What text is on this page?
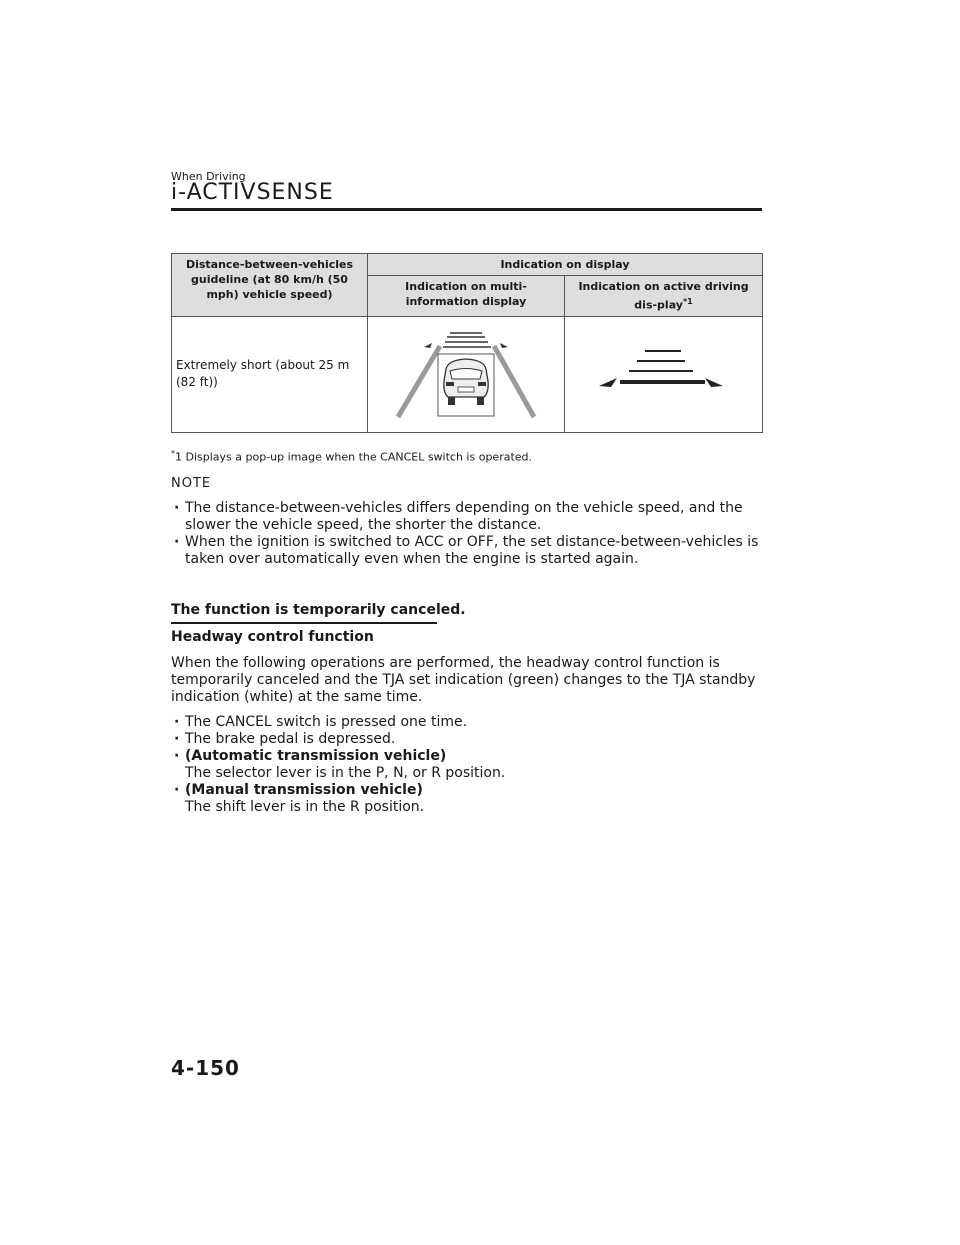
When Driving
i-ACTIVSENSE
Distance-between-vehicles guideline (at 80 km/h (50 mph) vehicle speed)	Indication on display	
	Indication on multi-information display	Indication on active driving dis-play$^{*1}$
Extremely short (about 25 m (82 ft))		
*1 Displays a pop-up image when the CANCEL switch is operated.
NOTE
· The distance-between-vehicles differs depending on the vehicle speed, and the slower the vehicle speed, the shorter the distance.
· When the ignition is switched to ACC or OFF, the set distance-between-vehicles is taken over automatically even when the engine is started again.
The function is temporarily canceled.
Headway control function
When the following operations are performed, the headway control function is temporarily canceled and the TJA set indication (green) changes to the TJA standby indication (white) at the same time.
· The CANCEL switch is pressed one time.
· The brake pedal is depressed.
· (Automatic transmission vehicle)
The selector lever is in the P, N, or R position.
· (Manual transmission vehicle)
The shift lever is in the R position.
4-150
